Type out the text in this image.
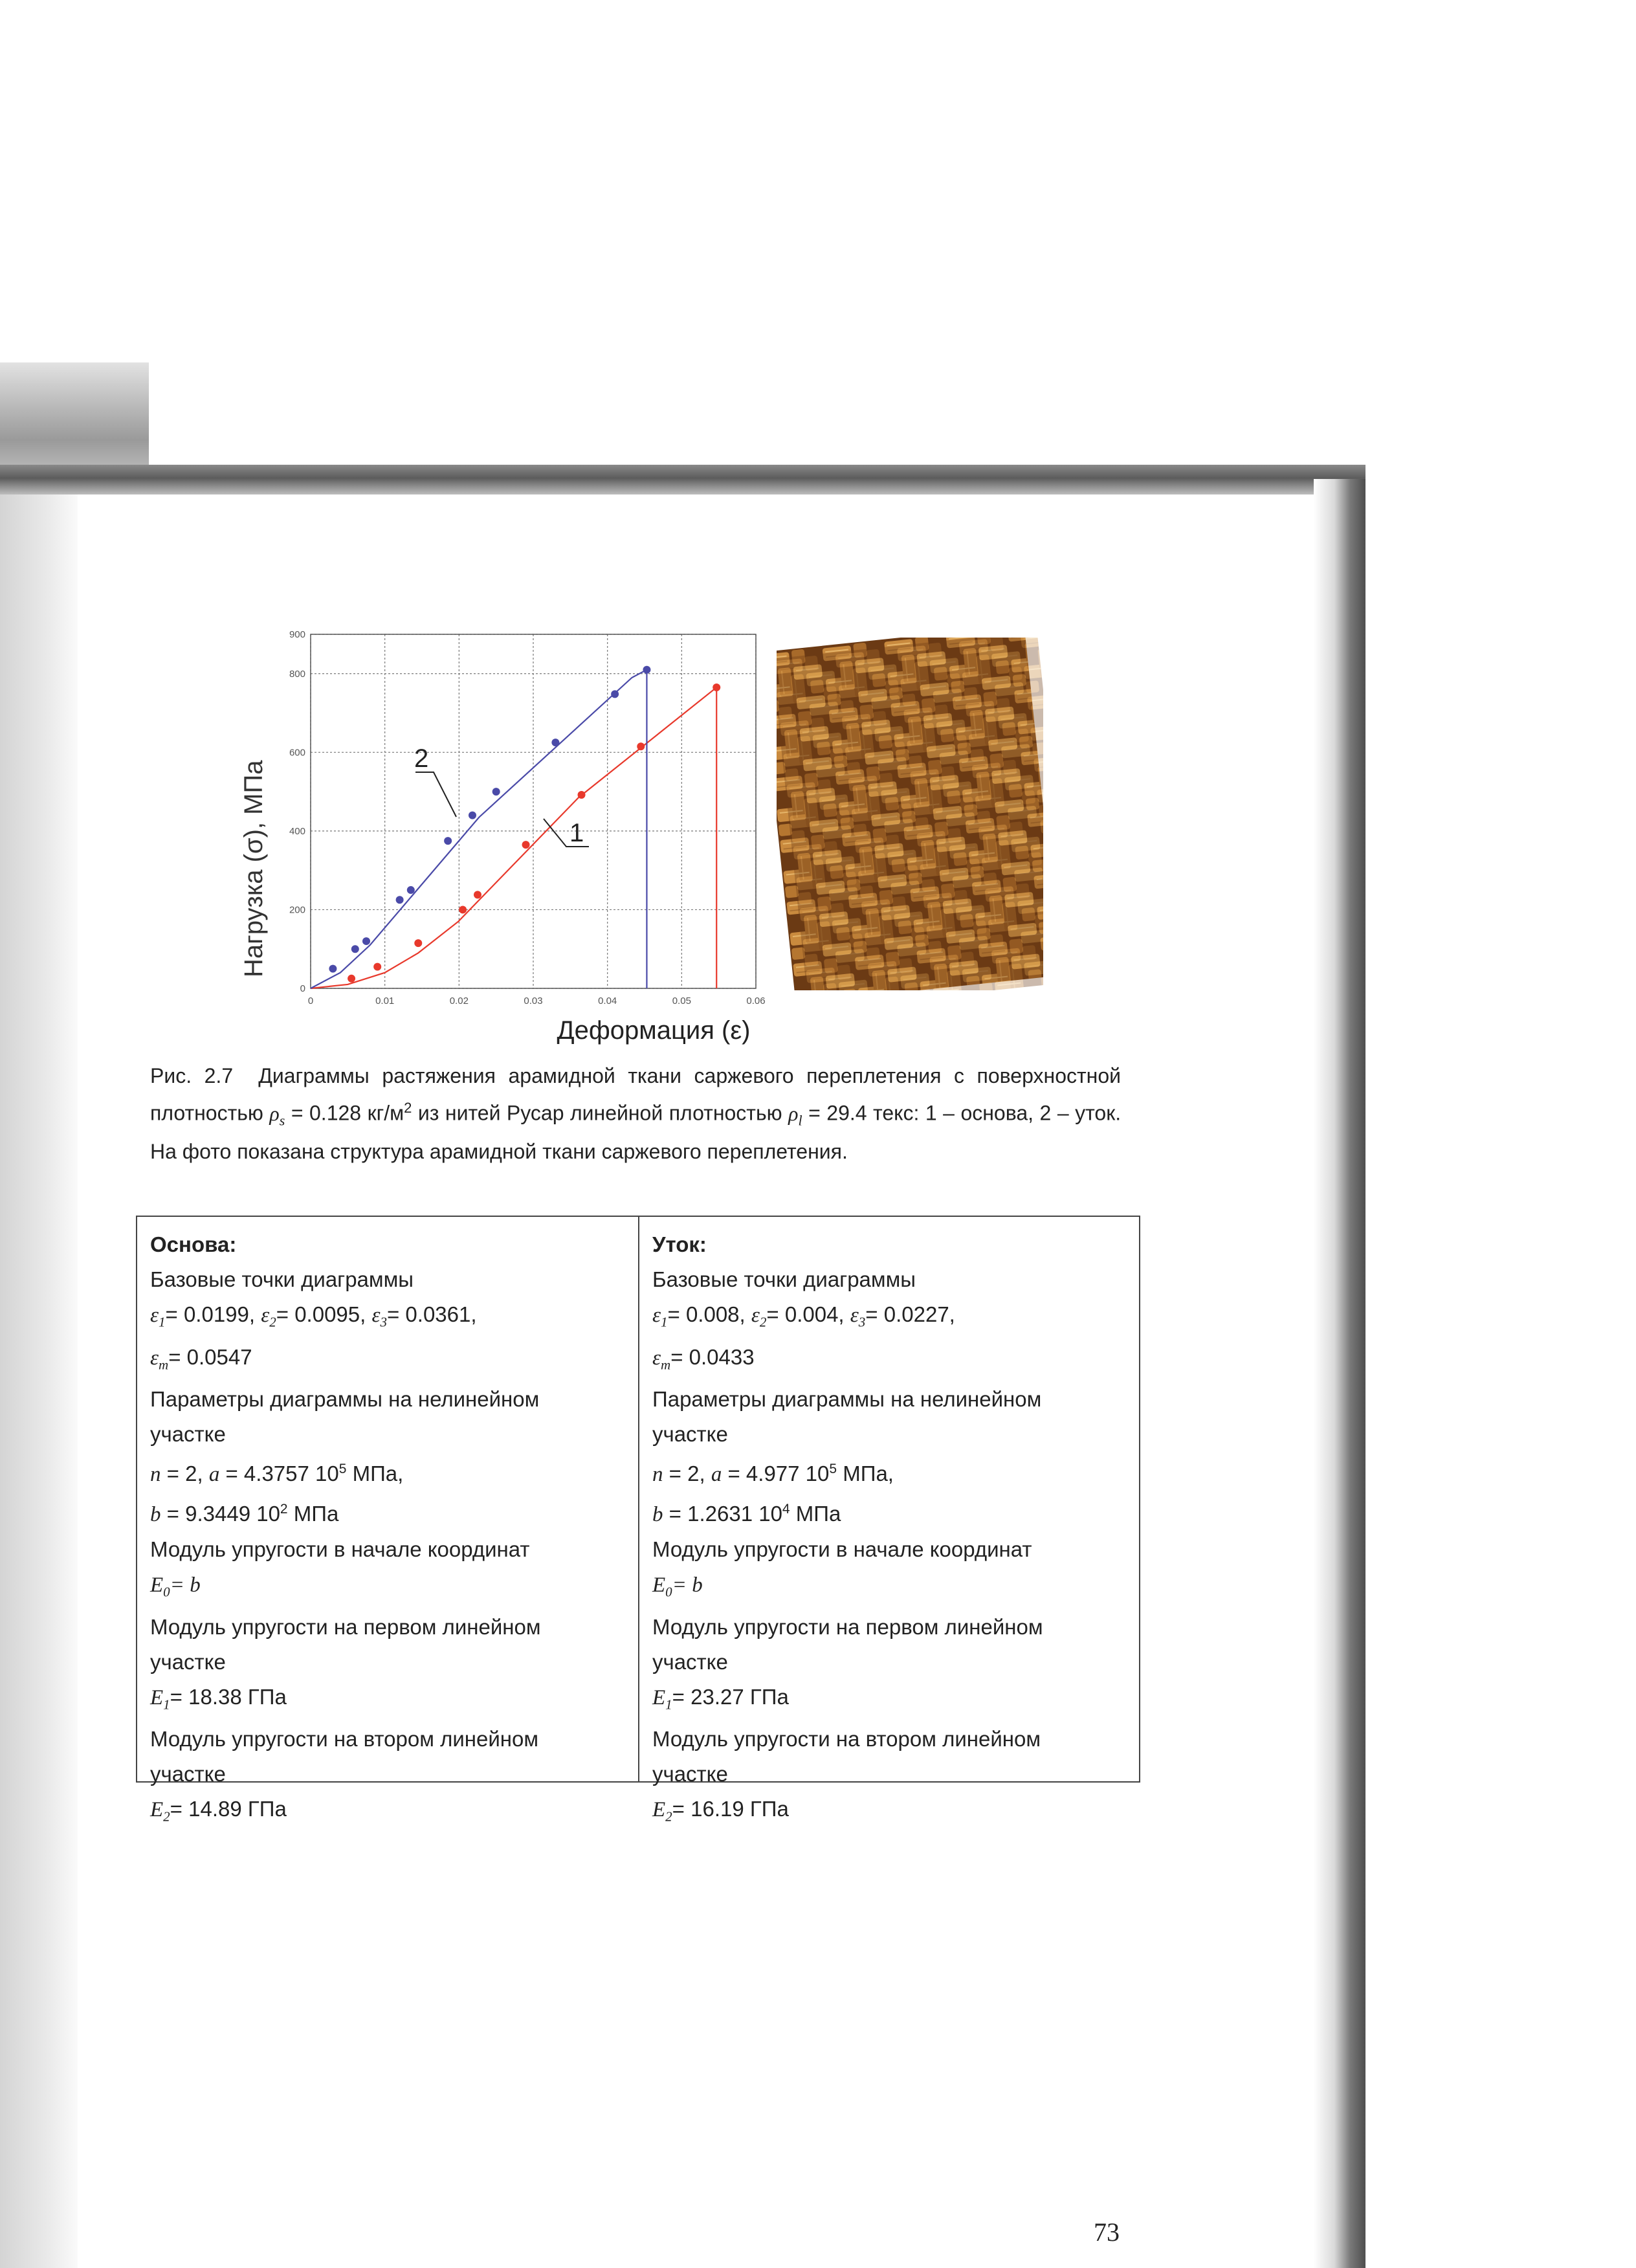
0	0.01	0.02	0.03	0.04	0.05	0.06
0
200
400
600
800
900
2
1
Нагрузка (σ), МПа
Деформация (ε)
Рис. 2.7 Диаграммы растяжения арамидной ткани саржевого переплетения с поверхностной плотностью $\rho_s = 0.128$ $кг/м^2$ из нитей Русар линейной плотностью $\rho_l = 29.4$ текс: 1 – основа, 2 – уток. На фото показана структура арамидной ткани саржевого переплетения.
Основа:
Базовые точки диаграммы
$\varepsilon_1= 0.0199$, $\varepsilon_2= 0.0095$, $\varepsilon_3= 0.0361$,
$\varepsilon_m= 0.0547$
Параметры диаграммы на нелинейном
участке
n = 2, a = 4.3757 $10^5$ МПа,
b = 9.3449 $10^2$ МПа
Модуль упругости в начале координат
$E_0= b$
Модуль упругости на первом линейном
участке
$E_1= 18.38$ ГПа
Модуль упругости на втором линейном
участке
$E_2= 14.89$ ГПа
Уток:
Базовые точки диаграммы
$\varepsilon_1= 0.008$, $\varepsilon_2= 0.004$, $\varepsilon_3= 0.0227$,
$\varepsilon_m= 0.0433$
Параметры диаграммы на нелинейном
участке
n = 2, a = 4.977 $10^5$ МПа,
b = 1.2631 $10^4$ МПа
Модуль упругости в начале координат
$E_0= b$
Модуль упругости на первом линейном
участке
$E_1= 23.27$ ГПа
Модуль упругости на втором линейном
участке
$E_2= 16.19$ ГПа
73
